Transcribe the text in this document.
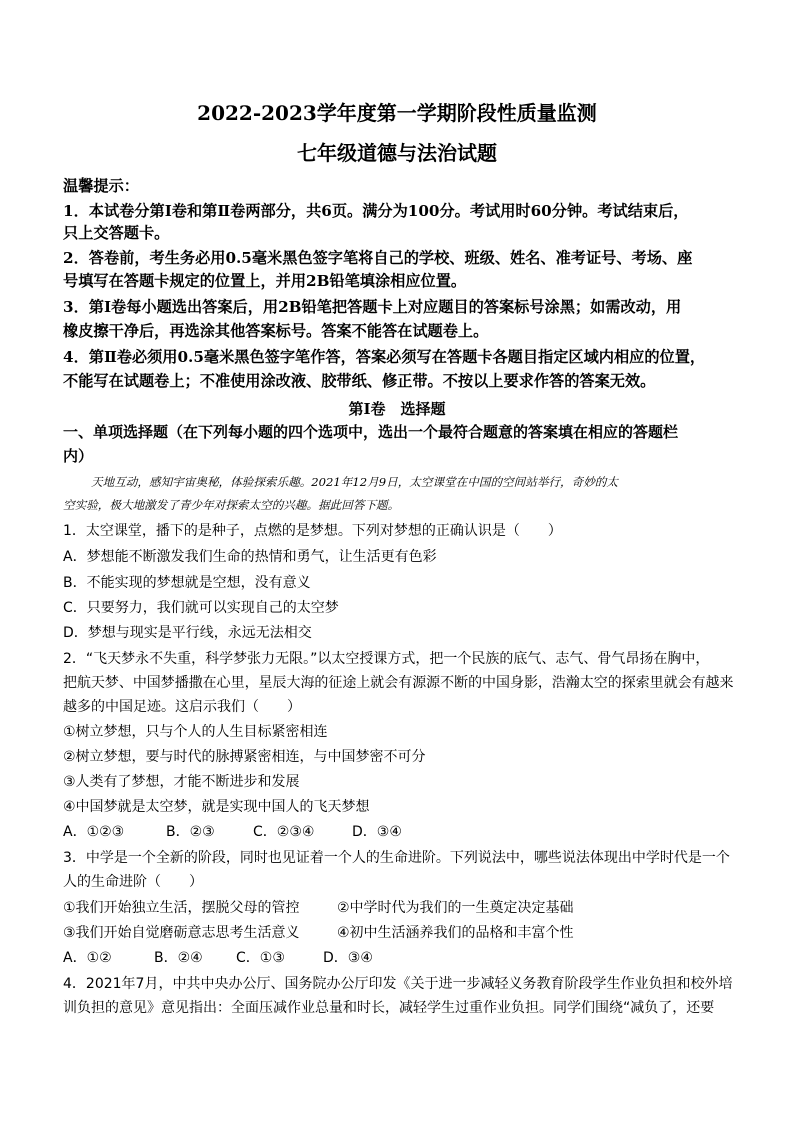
2022-2023学年度第一学期阶段性质量监测
七年级道德与法治试题
温馨提示：
1．本试卷分第Ⅰ卷和第Ⅱ卷两部分，共6页。满分为100分。考试用时60分钟。考试结束后，
只上交答题卡。
2．答卷前，考生务必用0.5毫米黑色签字笔将自己的学校、班级、姓名、准考证号、考场、座
号填写在答题卡规定的位置上，并用2B铅笔填涂相应位置。
3．第Ⅰ卷每小题选出答案后，用2B铅笔把答题卡上对应题目的答案标号涂黑；如需改动，用
橡皮擦干净后，再选涂其他答案标号。答案不能答在试题卷上。
4．第Ⅱ卷必须用0.5毫米黑色签字笔作答，答案必须写在答题卡各题目指定区域内相应的位置，
不能写在试题卷上；不准使用涂改液、胶带纸、修正带。不按以上要求作答的答案无效。
第Ⅰ卷　选择题
一、单项选择题（在下列每小题的四个选项中，选出一个最符合题意的答案填在相应的答题栏
内）
天地互动，感知宇宙奥秘，体验探索乐趣。2021年12月9日，太空课堂在中国的空间站举行，奇妙的太
空实验，极大地激发了青少年对探索太空的兴趣。据此回答下题。
1．太空课堂，播下的是种子，点燃的是梦想。下列对梦想的正确认识是（　　）
A．梦想能不断激发我们生命的热情和勇气，让生活更有色彩
B．不能实现的梦想就是空想，没有意义
C．只要努力，我们就可以实现自己的太空梦
D．梦想与现实是平行线，永远无法相交
2．“飞天梦永不失重，科学梦张力无限。”以太空授课方式，把一个民族的底气、志气、骨气昂扬在胸中，
把航天梦、中国梦播撒在心里，星辰大海的征途上就会有源源不断的中国身影，浩瀚太空的探索里就会有越来
越多的中国足迹。这启示我们（　　）
①树立梦想，只与个人的人生目标紧密相连
②树立梦想，要与时代的脉搏紧密相连，与中国梦密不可分
③人类有了梦想，才能不断进步和发展
④中国梦就是太空梦，就是实现中国人的飞天梦想
A．①②③	B．②③	C．②③④	D．③④
3．中学是一个全新的阶段，同时也见证着一个人的生命进阶。下列说法中，哪些说法体现出中学时代是一个
人的生命进阶（　　）
①我们开始独立生活，摆脱父母的管控	②中学时代为我们的一生奠定决定基础
③我们开始自觉磨砺意志思考生活意义	④初中生活涵养我们的品格和丰富个性
A．①②	B．②④ C．①③	D．③④
4．2021年7月，中共中央办公厅、国务院办公厅印发《关于进一步减轻义务教育阶段学生作业负担和校外培
训负担的意见》意见指出：全面压减作业总量和时长，减轻学生过重作业负担。同学们围绕“减负了，还要
